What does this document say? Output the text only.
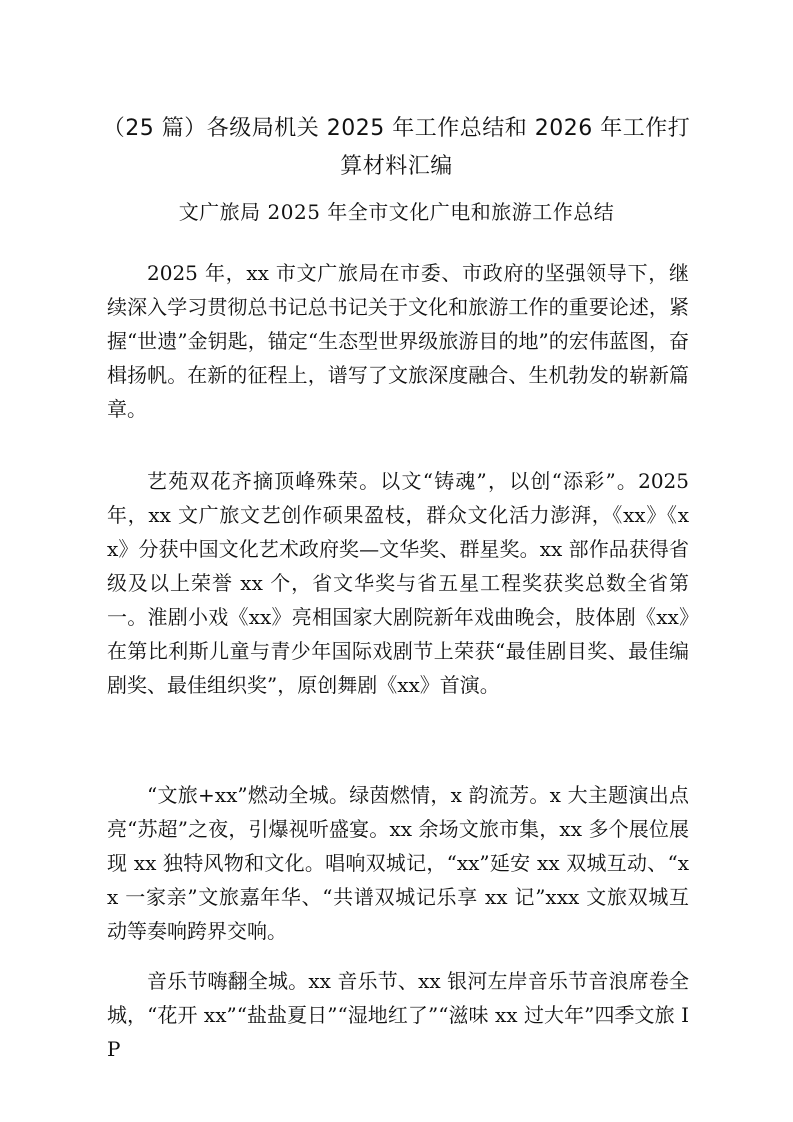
（25 篇）各级局机关 2025 年工作总结和 2026 年工作打算材料汇编
文广旅局 2025 年全市文化广电和旅游工作总结

2025 年，xx 市文广旅局在市委、市政府的坚强领导下，继续深入学习贯彻总书记总书记关于文化和旅游工作的重要论述，紧握“世遗”金钥匙，锚定“生态型世界级旅游目的地”的宏伟蓝图，奋楫扬帆。在新的征程上，谱写了文旅深度融合、生机勃发的崭新篇章。

艺苑双花齐摘顶峰殊荣。以文“铸魂”，以创“添彩”。2025 年，xx 文广旅文艺创作硕果盈枝，群众文化活力澎湃，《xx》《xx》分获中国文化艺术政府奖—文华奖、群星奖。xx 部作品获得省级及以上荣誉 xx 个，省文华奖与省五星工程奖获奖总数全省第一。淮剧小戏《xx》亮相国家大剧院新年戏曲晚会，肢体剧《xx》在第比利斯儿童与青少年国际戏剧节上荣获“最佳剧目奖、最佳编剧奖、最佳组织奖”，原创舞剧《xx》首演。

“文旅+xx”燃动全城。绿茵燃情，x 韵流芳。x 大主题演出点亮“苏超”之夜，引爆视听盛宴。xx 余场文旅市集，xx 多个展位展现 xx 独特风物和文化。唱响双城记，“xx”延安 xx 双城互动、“xx 一家亲”文旅嘉年华、“共谱双城记乐享 xx 记”xxx 文旅双城互动等奏响跨界交响。

音乐节嗨翻全城。xx 音乐节、xx 银河左岸音乐节音浪席卷全城，“花开 xx”“盐盐夏日”“湿地红了”“滋味 xx 过大年”四季文旅 IP
